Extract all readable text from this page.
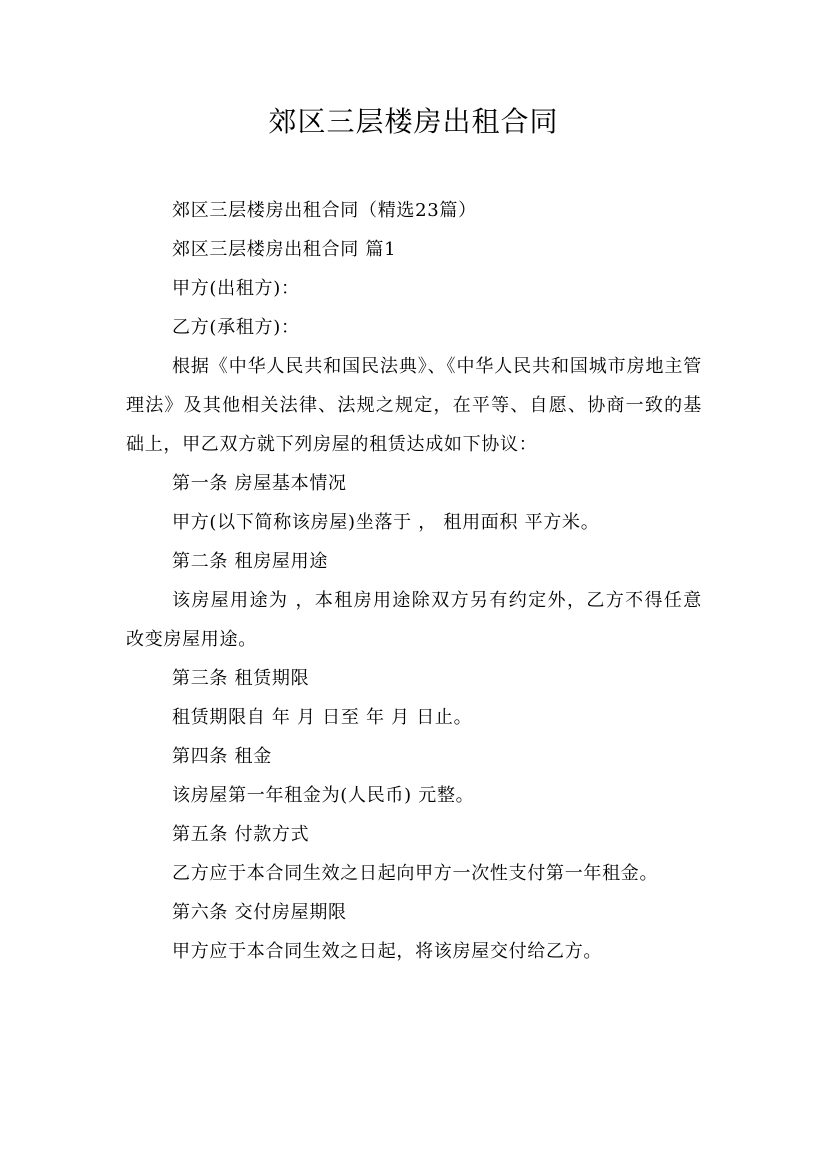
郊区三层楼房出租合同

郊区三层楼房出租合同（精选23篇）

郊区三层楼房出租合同 篇1

甲方(出租方)：

乙方(承租方)：

根据《中华人民共和国民法典》、《中华人民共和国城市房地主管理法》及其他相关法律、法规之规定，在平等、自愿、协商一致的基础上，甲乙双方就下列房屋的租赁达成如下协议：

第一条 房屋基本情况

甲方(以下简称该房屋)坐落于 ， 租用面积 平方米。

第二条 租房屋用途

该房屋用途为 ，本租房用途除双方另有约定外，乙方不得任意改变房屋用途。

第三条 租赁期限

租赁期限自 年 月 日至 年 月 日止。

第四条 租金

该房屋第一年租金为(人民币) 元整。

第五条 付款方式

乙方应于本合同生效之日起向甲方一次性支付第一年租金。

第六条 交付房屋期限

甲方应于本合同生效之日起，将该房屋交付给乙方。
